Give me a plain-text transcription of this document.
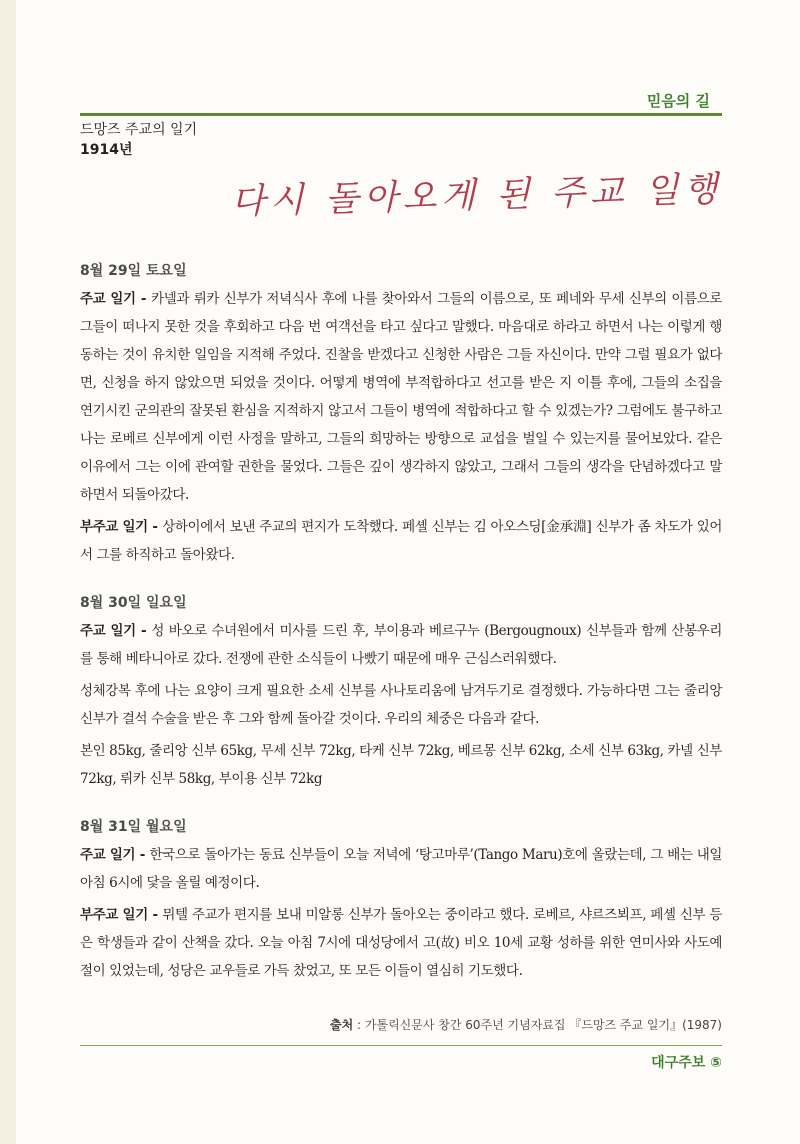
믿음의 길
드망즈 주교의 일기
1914년
다시 돌아오게 된 주교 일행
8월 29일 토요일

주교 일기 - 카넬과 뤼카 신부가 저녁식사 후에 나를 찾아와서 그들의 이름으로, 또 페네와 무세 신부의 이름으로 그들이 떠나지 못한 것을 후회하고 다음 번 여객선을 타고 싶다고 말했다. 마음대로 하라고 하면서 나는 이렇게 행동하는 것이 유치한 일임을 지적해 주었다. 진찰을 받겠다고 신청한 사람은 그들 자신이다. 만약 그럴 필요가 없다면, 신청을 하지 않았으면 되었을 것이다. 어떻게 병역에 부적합하다고 선고를 받은 지 이틀 후에, 그들의 소집을 연기시킨 군의관의 잘못된 환심을 지적하지 않고서 그들이 병역에 적합하다고 할 수 있겠는가? 그럼에도 불구하고 나는 로베르 신부에게 이런 사정을 말하고, 그들의 희망하는 방향으로 교섭을 벌일 수 있는지를 물어보았다. 같은 이유에서 그는 이에 관여할 권한을 물었다. 그들은 깊이 생각하지 않았고, 그래서 그들의 생각을 단념하겠다고 말하면서 되돌아갔다.

부주교 일기 - 상하이에서 보낸 주교의 편지가 도착했다. 페셸 신부는 김 아오스딩[金承淵] 신부가 좀 차도가 있어서 그를 하직하고 돌아왔다.

8월 30일 일요일

주교 일기 - 성 바오로 수녀원에서 미사를 드린 후, 부이용과 베르구누 (Bergougnoux) 신부들과 함께 산봉우리를 통해 베타니아로 갔다. 전쟁에 관한 소식들이 나빴기 때문에 매우 근심스러워했다.

성체강복 후에 나는 요양이 크게 필요한 소세 신부를 사나토리움에 남겨두기로 결정했다. 가능하다면 그는 줄리앙 신부가 결석 수술을 받은 후 그와 함께 돌아갈 것이다. 우리의 체중은 다음과 같다.

본인 85kg, 줄리앙 신부 65kg, 무세 신부 72kg, 타케 신부 72kg, 베르몽 신부 62kg, 소세 신부 63kg, 카넬 신부 72kg, 뤼카 신부 58kg, 부이용 신부 72kg

8월 31일 월요일

주교 일기 - 한국으로 돌아가는 동료 신부들이 오늘 저녁에 ‘탕고마루’(Tango Maru)호에 올랐는데, 그 배는 내일 아침 6시에 닻을 올릴 예정이다.

부주교 일기 - 뮈텔 주교가 편지를 보내 미알롱 신부가 돌아오는 중이라고 했다. 로베르, 샤르즈뵈프, 페셸 신부 등은 학생들과 같이 산책을 갔다. 오늘 아침 7시에 대성당에서 고(故) 비오 10세 교황 성하를 위한 연미사와 사도예절이 있었는데, 성당은 교우들로 가득 찼었고, 또 모든 이들이 열심히 기도했다.

출처 : 가톨릭신문사 창간 60주년 기념자료집 『드망즈 주교 일기』(1987)
대구주보 ⑤
